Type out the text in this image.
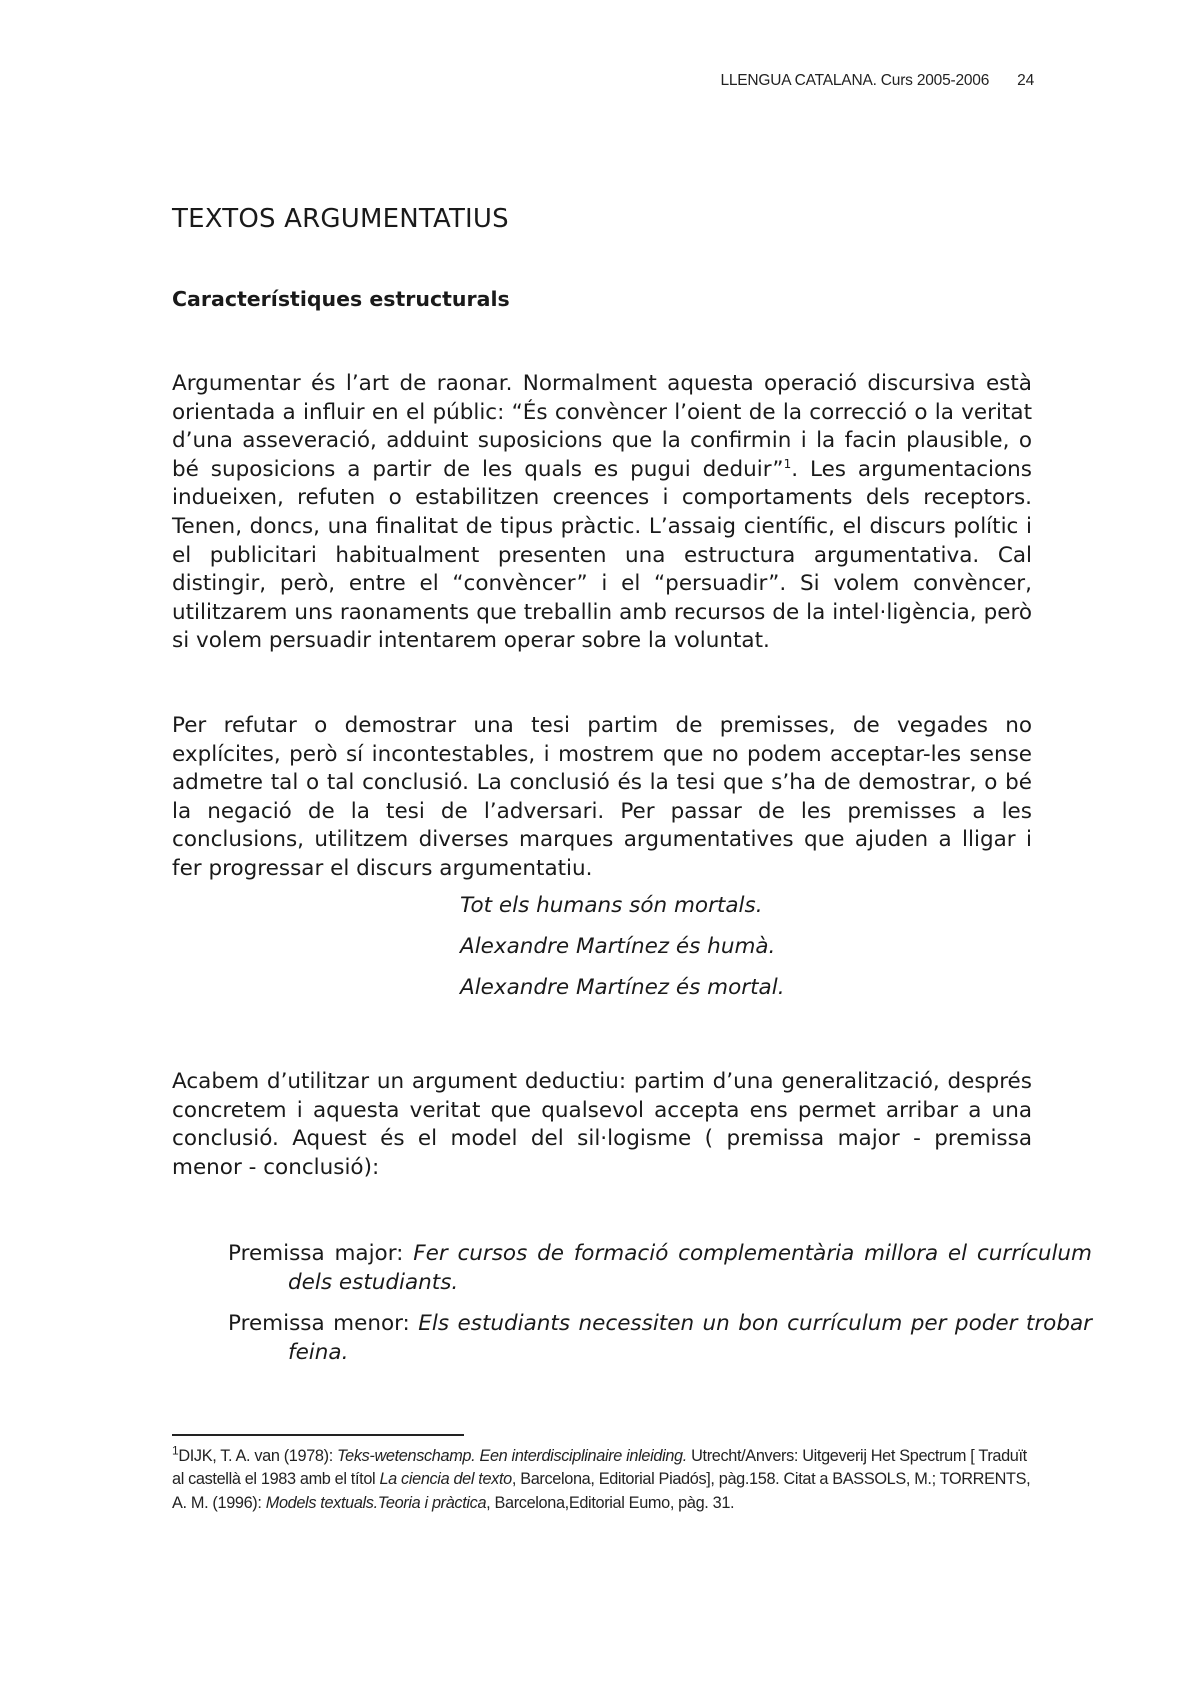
LLENGUA CATALANA. Curs 2005-2006 24
TEXTOS ARGUMENTATIUS
Característiques estructurals

Argumentar és l’art de raonar. Normalment aquesta operació discursiva està orientada a influir en el públic: “És convèncer l’oient de la correcció o la veritat d’una asseveració, adduint suposicions que la confirmin i la facin plausible, o bé suposicions a partir de les quals es pugui deduir”$^1$. Les argumentacions indueixen, refuten o estabilitzen creences i comportaments dels receptors. Tenen, doncs, una finalitat de tipus pràctic. L’assaig científic, el discurs polític i el publicitari habitualment presenten una estructura argumentativa. Cal distingir, però, entre el “convèncer” i el “persuadir”. Si volem convèncer, utilitzarem uns raonaments que treballin amb recursos de la intel·ligència, però si volem persuadir intentarem operar sobre la voluntat.

Per refutar o demostrar una tesi partim de premisses, de vegades no explícites, però sí incontestables, i mostrem que no podem acceptar-les sense admetre tal o tal conclusió. La conclusió és la tesi que s’ha de demostrar, o bé la negació de la tesi de l’adversari. Per passar de les premisses a les conclusions, utilitzem diverses marques argumentatives que ajuden a lligar i fer progressar el discurs argumentatiu.

Tot els humans són mortals.
Alexandre Martínez és humà.
Alexandre Martínez és mortal.

Acabem d’utilitzar un argument deductiu: partim d’una generalització, després concretem i aquesta veritat que qualsevol accepta ens permet arribar a una conclusió. Aquest és el model del sil·logisme ( premissa major - premissa menor - conclusió):

Premissa major: Fer cursos de formació complementària millora el currículum dels estudiants.

Premissa menor: Els estudiants necessiten un bon currículum per poder trobar feina.

$^1$DIJK, T. A. van (1978): Teks-wetenschamp. Een interdisciplinaire inleiding. Utrecht/Anvers: Uitgeverij Het Spectrum [ Traduït al castellà el 1983 amb el títol La ciencia del texto, Barcelona, Editorial Piadós], pàg.158. Citat a BASSOLS, M.; TORRENTS, A. M. (1996): Models textuals.Teoria i pràctica, Barcelona,Editorial Eumo, pàg. 31.
